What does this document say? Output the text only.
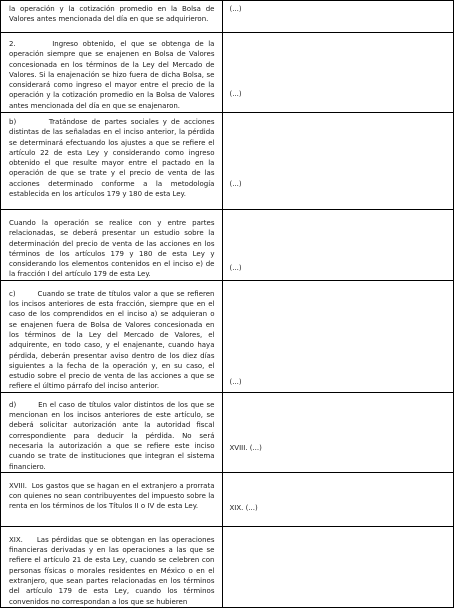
la operación y la cotización promedio en la Bolsa de Valores antes mencionada del día en que se adquirieron.	(...)

2.        Ingreso obtenido, el que se obtenga de la operación siempre que se enajenen en Bolsa de Valores concesionada en los términos de la Ley del Mercado de Valores. Si la enajenación se hizo fuera de dicha Bolsa, se considerará como ingreso el mayor entre el precio de la operación y la cotización promedio en la Bolsa de Valores antes mencionada del día en que se enajenaron.	(...)

b)        Tratándose de partes sociales y de acciones distintas de las señaladas en el inciso anterior, la pérdida se determinará efectuando los ajustes a que se refiere el artículo 22 de esta Ley y considerando como ingreso obtenido el que resulte mayor entre el pactado en la operación de que se trate y el precio de venta de las acciones determinado conforme a la metodología establecida en los artículos 179 y 180 de esta Ley.	(...)

Cuando la operación se realice con y entre partes relacionadas, se deberá presentar un estudio sobre la determinación del precio de venta de las acciones en los términos de los artículos 179 y 180 de esta Ley y considerando los elementos contenidos en el inciso e) de la fracción I del artículo 179 de esta Ley.	(...)

c)        Cuando se trate de títulos valor a que se refieren los incisos anteriores de esta fracción, siempre que en el caso de los comprendidos en el inciso a) se adquieran o se enajenen fuera de Bolsa de Valores concesionada en los términos de la Ley del Mercado de Valores, el adquirente, en todo caso, y el enajenante, cuando haya pérdida, deberán presentar aviso dentro de los diez días siguientes a la fecha de la operación y, en su caso, el estudio sobre el precio de venta de las acciones a que se refiere el último párrafo del inciso anterior.	(...)

d)        En el caso de títulos valor distintos de los que se mencionan en los incisos anteriores de este artículo, se deberá solicitar autorización ante la autoridad fiscal correspondiente para deducir la pérdida. No será necesaria la autorización a que se refiere este inciso cuando se trate de instituciones que integran el sistema financiero.	XVIII. (...)

XVIII.  Los gastos que se hagan en el extranjero a prorrata con quienes no sean contribuyentes del impuesto sobre la renta en los términos de los Títulos II o IV de esta Ley.	XIX. (...)

XIX.     Las pérdidas que se obtengan en las operaciones financieras derivadas y en las operaciones a las que se refiere el artículo 21 de esta Ley, cuando se celebren con personas físicas o morales residentes en México o en el extranjero, que sean partes relacionadas en los términos del artículo 179 de esta Ley, cuando los términos convenidos no correspondan a los que se hubieren	
